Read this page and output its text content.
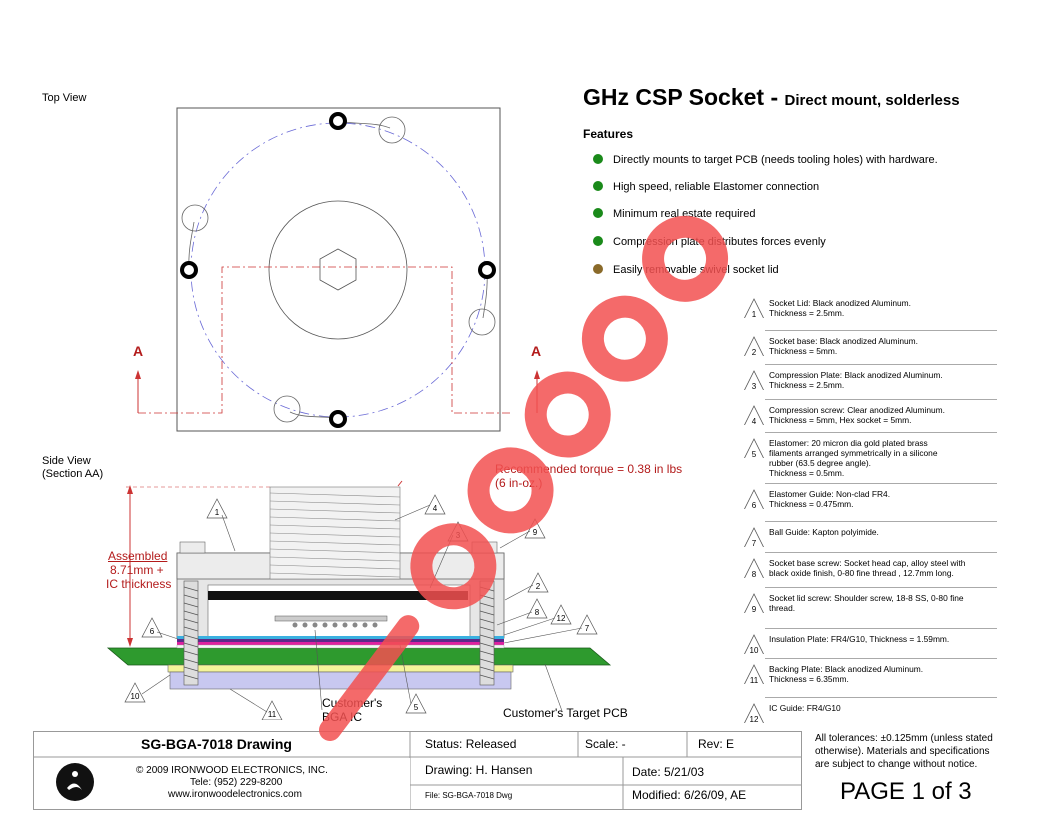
Top View
A	A
GHz CSP Socket - Direct mount, solderless
Features
Directly mounts to target PCB (needs tooling holes) with hardware.
High speed, reliable Elastomer connection
Minimum real estate required
Compression plate distributes forces evenly
Easily removable swivel socket lid
1
Socket Lid: Black anodized Aluminum.
Thickness = 2.5mm.
2
Socket base: Black anodized Aluminum.
Thickness = 5mm.
3
Compression Plate: Black anodized Aluminum.
Thickness = 2.5mm.
4
Compression screw: Clear anodized Aluminum.
Thickness = 5mm, Hex socket = 5mm.
5
Elastomer: 20 micron dia gold plated brass
filaments arranged symmetrically in a silicone
rubber (63.5 degree angle).
Thickness = 0.5mm.
6
Elastomer Guide: Non-clad FR4.
Thickness = 0.475mm.
7
Ball Guide: Kapton polyimide.
8
Socket base screw: Socket head cap, alloy steel with
black oxide finish, 0-80 fine thread , 12.7mm long.
9
Socket lid screw: Shoulder screw, 18-8 SS, 0-80 fine
thread.
10
Insulation Plate: FR4/G10, Thickness = 1.59mm.
11
Backing Plate: Black anodized Aluminum.
Thickness = 6.35mm.
12
IC Guide: FR4/G10
Side View
(Section AA)
1	4
3	9
2
8
12
7
6
10
11
5
Recommended torque = 0.38 in lbs
(6 in-oz.)
Assembled
8.71mm +
IC thickness
Customer's
BGA IC	Customer's Target PCB
SG-BGA-7018 Drawing
© 2009 IRONWOOD ELECTRONICS, INC.
Tele: (952) 229-8200
www.ironwoodelectronics.com
Status: Released	Scale: -	Rev: E
Drawing: H. Hansen	Date: 5/21/03
File: SG-BGA-7018 Dwg	Modified: 6/26/09, AE
All tolerances: ±0.125mm (unless stated
otherwise). Materials and specifications
are subject to change without notice.
PAGE 1 of 3
